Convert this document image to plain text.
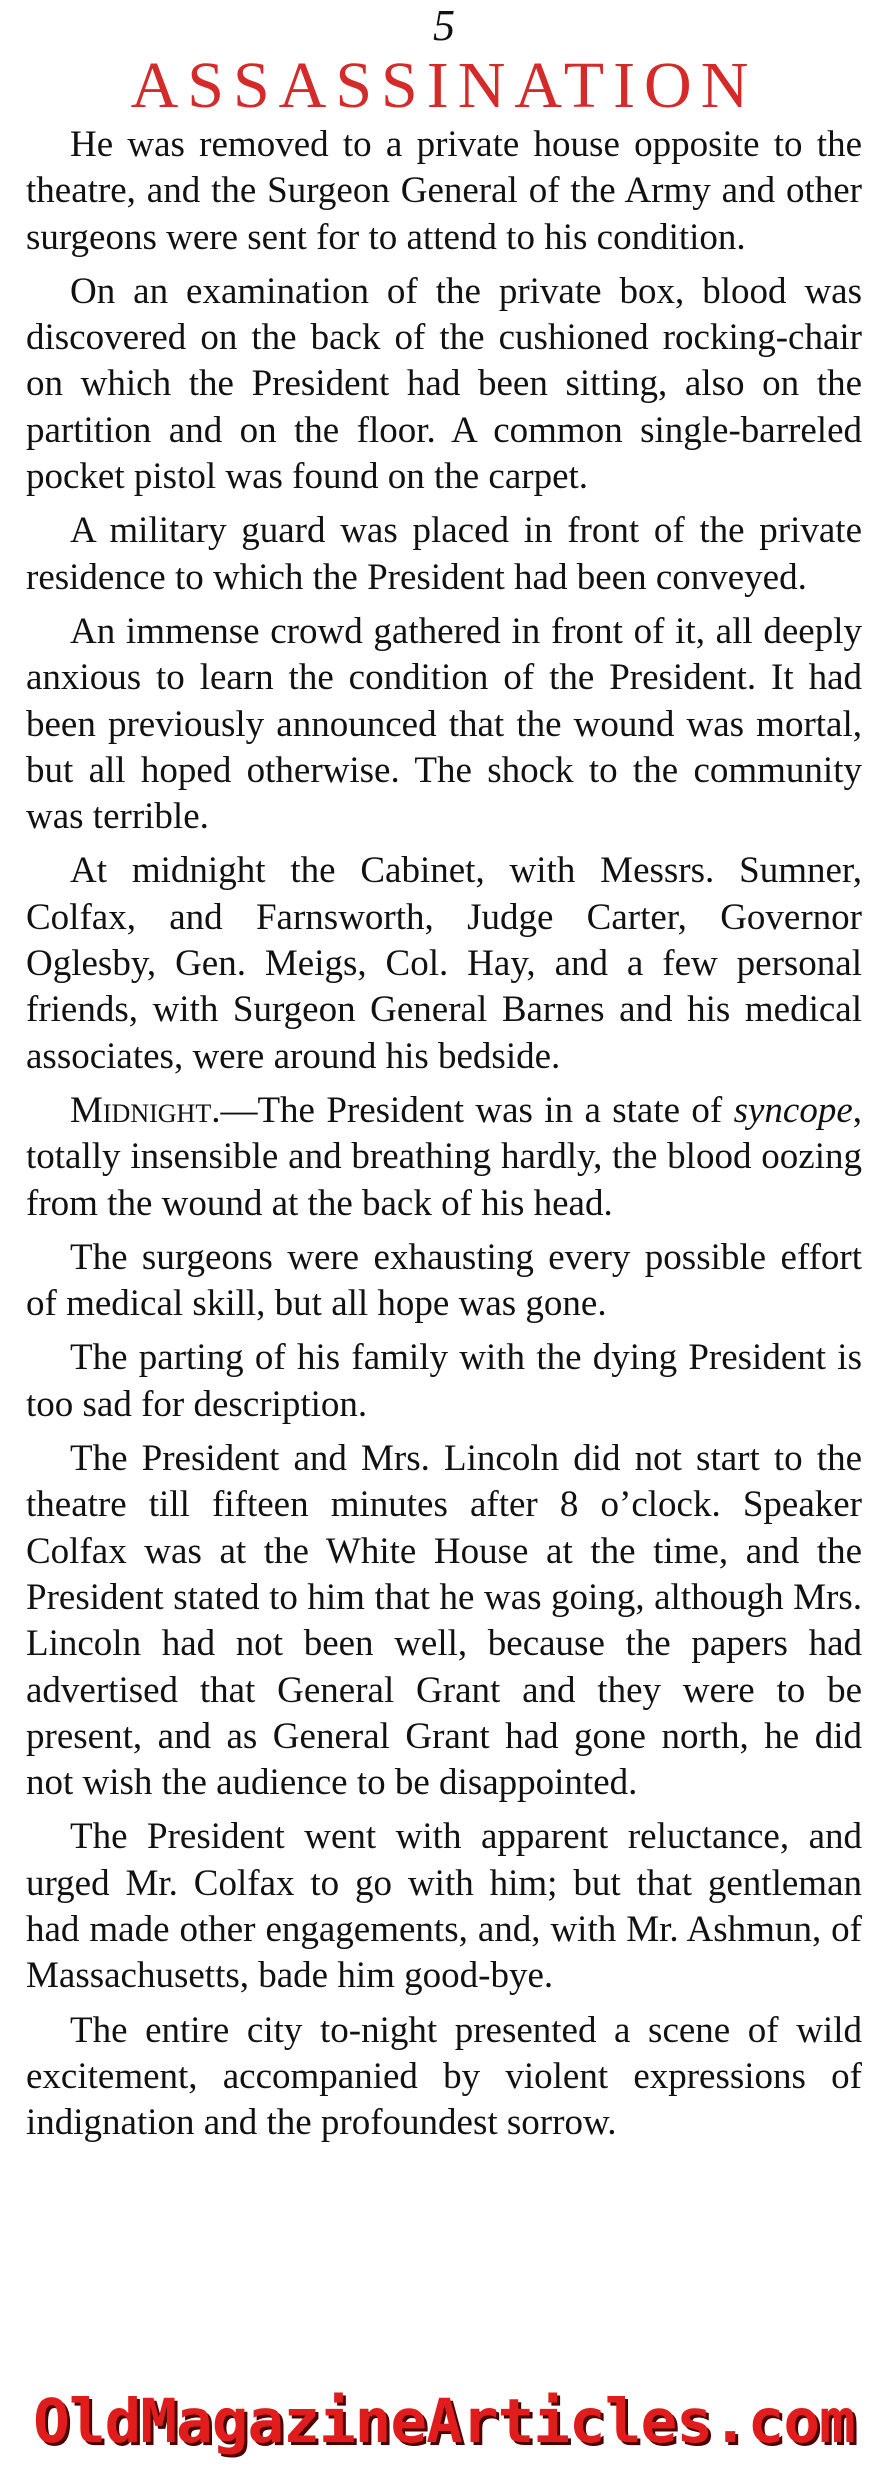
5
ASSASSINATION

He was removed to a private house opposite to the theatre, and the Surgeon General of the Army and other surgeons were sent for to attend to his condition.

On an examination of the private box, blood was discovered on the back of the cushioned rocking-chair on which the President had been sitting, also on the partition and on the floor. A common single-barreled pocket pistol was found on the carpet.

A military guard was placed in front of the private residence to which the President had been conveyed.

An immense crowd gathered in front of it, all deeply anxious to learn the condition of the President. It had been previously announced that the wound was mortal, but all hoped otherwise. The shock to the community was terrible.

At midnight the Cabinet, with Messrs. Sumner, Colfax, and Farnsworth, Judge Carter, Governor Oglesby, Gen. Meigs, Col. Hay, and a few personal friends, with Surgeon General Barnes and his medical associates, were around his bedside.

Midnight.—The President was in a state of syncope, totally insensible and breathing hardly, the blood oozing from the wound at the back of his head.

The surgeons were exhausting every possible effort of medical skill, but all hope was gone.

The parting of his family with the dying President is too sad for description.

The President and Mrs. Lincoln did not start to the theatre till fifteen minutes after 8 o’clock. Speaker Colfax was at the White House at the time, and the President stated to him that he was going, although Mrs. Lincoln had not been well, because the papers had advertised that General Grant and they were to be present, and as General Grant had gone north, he did not wish the audience to be disappointed.

The President went with apparent reluctance, and urged Mr. Colfax to go with him; but that gentleman had made other engagements, and, with Mr. Ashmun, of Massachusetts, bade him good-bye.

The entire city to-night presented a scene of wild excitement, accompanied by violent expressions of indignation and the profoundest sorrow.

OldMagazineArticles.com
